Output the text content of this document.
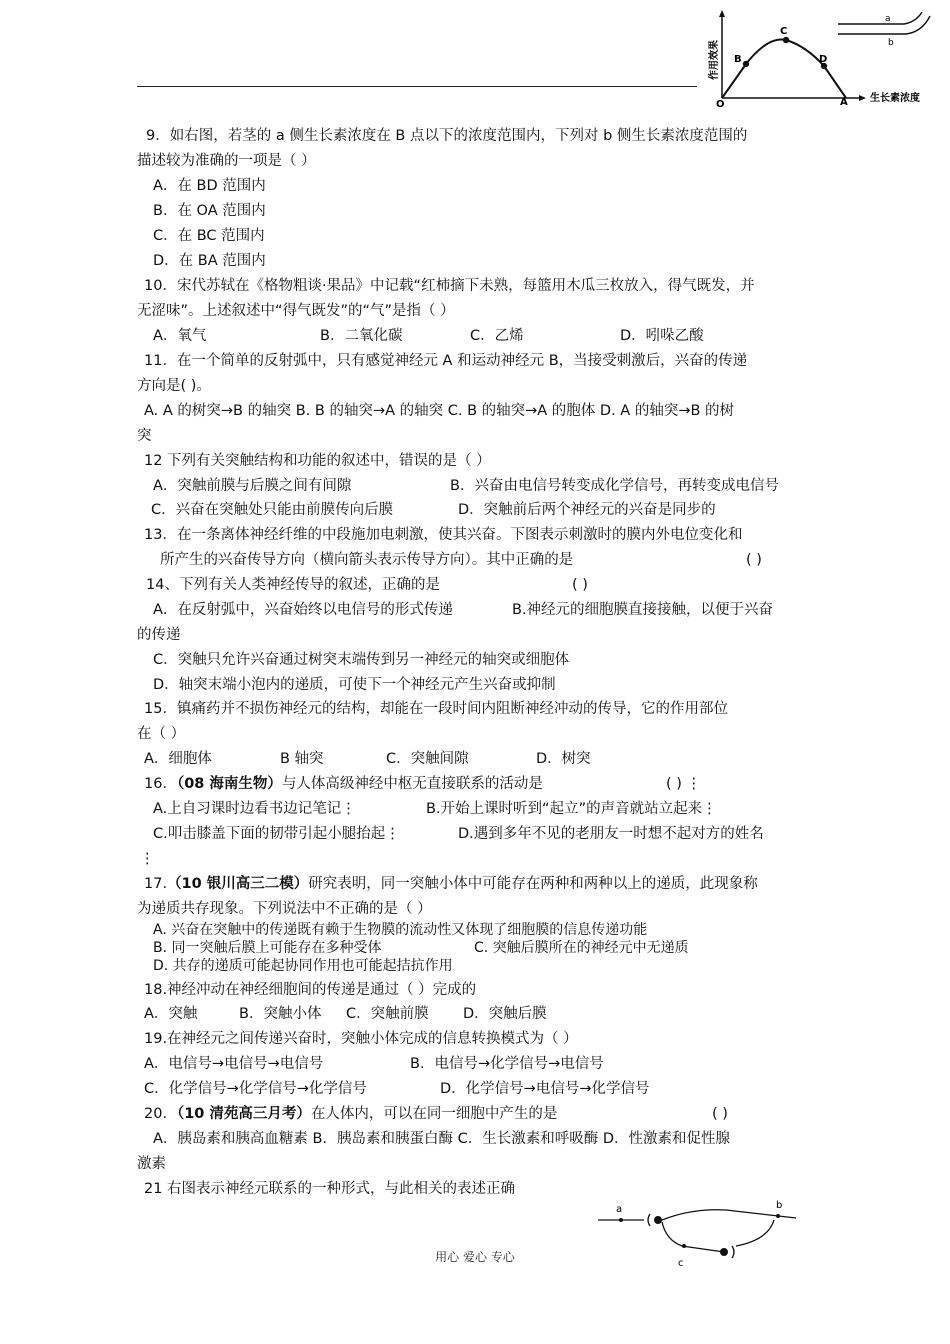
作用效果 B
C
D
O	A 生长素浓度
a
b
9．如右图，若茎的 a 侧生长素浓度在 B 点以下的浓度范围内，下列对 b 侧生长素浓度范围的
描述较为准确的一项是（ ）
A．在 BD 范围内
B．在 OA 范围内
C．在 BC 范围内
D．在 BA 范围内
10．宋代苏轼在《格物粗谈·果品》中记载“红柿摘下未熟，每篮用木瓜三枚放入，得气既发，并
无涩味”。上述叙述中“得气既发”的“气”是指（ ）
A．氧气	B．二氧化碳	C．乙烯	D．吲哚乙酸
11．在一个简单的反射弧中，只有感觉神经元 A 和运动神经元 B，当接受刺激后，兴奋的传递
方向是( )。
A. A 的树突→B 的轴突 B. B 的轴突→A 的轴突 C. B 的轴突→A 的胞体 D. A 的轴突→B 的树
突
12 下列有关突触结构和功能的叙述中，错误的是（ ）
A．突触前膜与后膜之间有间隙	B．兴奋由电信号转变成化学信号，再转变成电信号
C．兴奋在突触处只能由前膜传向后膜	D．突触前后两个神经元的兴奋是同步的
13．在一条离体神经纤维的中段施加电刺激，使其兴奋。下图表示刺激时的膜内外电位变化和
所产生的兴奋传导方向（横向箭头表示传导方向）。其中正确的是	( )
14、下列有关人类神经传导的叙述，正确的是	( )
A．在反射弧中，兴奋始终以电信号的形式传递	B.神经元的细胞膜直接接触，以便于兴奋
的传递
C．突触只允许兴奋通过树突末端传到另一神经元的轴突或细胞体
D．轴突末端小泡内的递质，可使下一个神经元产生兴奋或抑制
15．镇痛药并不损伤神经元的结构，却能在一段时间内阻断神经冲动的传导，它的作用部位
在（ ）
A．细胞体	B 轴突	C．突触间隙	D．树突
16．（08 海南生物）与人体高级神经中枢无直接联系的活动是	( ) ⋮
A.上自习课时边看书边记笔记⋮	B.开始上课时听到“起立”的声音就站立起来⋮
C.叩击膝盖下面的韧带引起小腿抬起⋮	D.遇到多年不见的老朋友一时想不起对方的姓名
⋮
17.（10 银川高三二模）研究表明，同一突触小体中可能存在两种和两种以上的递质，此现象称
为递质共存现象。下列说法中不正确的是（ ）
A. 兴奋在突触中的传递既有赖于生物膜的流动性又体现了细胞膜的信息传递功能
B. 同一突触后膜上可能存在多种受体	C. 突触后膜所在的神经元中无递质
D. 共存的递质可能起协同作用也可能起拮抗作用
18.神经冲动在神经细胞间的传递是通过（ ）完成的
A．突触	B．突触小体 C．突触前膜 D．突触后膜
19.在神经元之间传递兴奋时，突触小体完成的信息转换模式为（ ）
A．电信号→电信号→电信号	B．电信号→化学信号→电信号
C．化学信号→化学信号→化学信号	D．化学信号→电信号→化学信号
20．（10 清苑高三月考）在人体内，可以在同一细胞中产生的是	( )
A．胰岛素和胰高血糖素 B．胰岛素和胰蛋白酶 C．生长激素和呼吸酶 D．性激素和促性腺
激素
21 右图表示神经元联系的一种形式，与此相关的表述正确
a	b
c
用心 爱心 专心
